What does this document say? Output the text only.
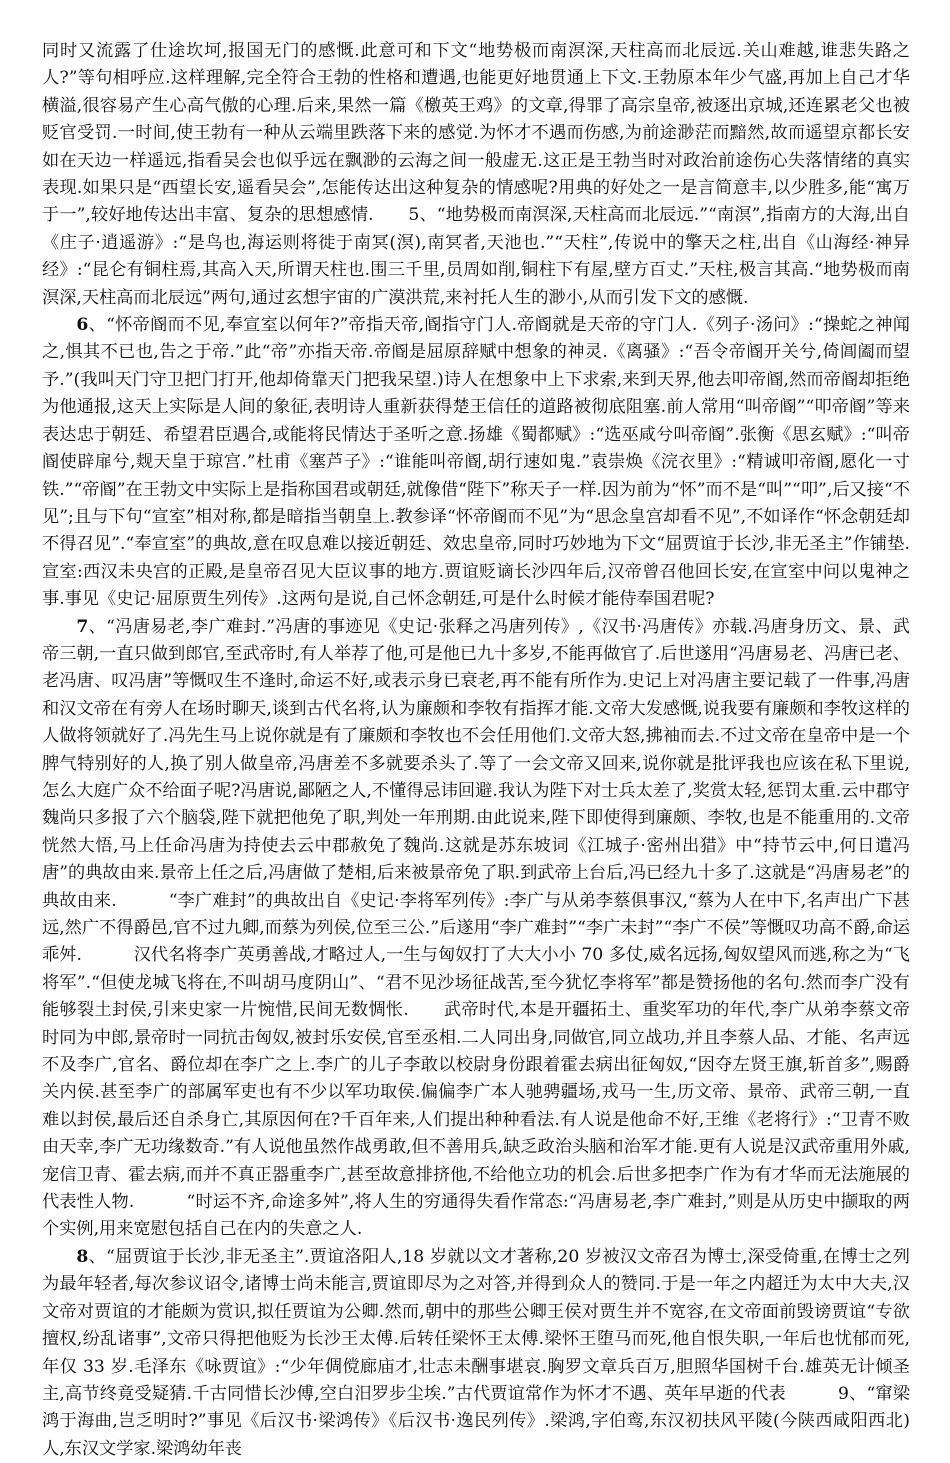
同时又流露了仕途坎坷,报国无门的感慨.此意可和下文“地势极而南溟深,天柱高而北辰远.关山难越,谁悲失路之人?”等句相呼应.这样理解,完全符合王勃的性格和遭遇,也能更好地贯通上下文.王勃原本年少气盛,再加上自己才华横溢,很容易产生心高气傲的心理.后来,果然一篇《檄英王鸡》的文章,得罪了高宗皇帝,被逐出京城,还连累老父也被贬官受罚.一时间,使王勃有一种从云端里跌落下来的感觉.为怀才不遇而伤感,为前途渺茫而黯然,故而遥望京都长安如在天边一样遥远,指看吴会也似乎远在飘渺的云海之间一般虚无.这正是王勃当时对政治前途伤心失落情绪的真实表现.如果只是“西望长安,遥看吴会”,怎能传达出这种复杂的情感呢?用典的好处之一是言简意丰,以少胜多,能“寓万于一”,较好地传达出丰富、复杂的思想感情.　　5、“地势极而南溟深,天柱高而北辰远.”“南溟”,指南方的大海,出自《庄子·逍遥游》:“是鸟也,海运则将徙于南冥(溟),南冥者,天池也.”“天柱”,传说中的擎天之柱,出自《山海经·神异经》:“昆仑有铜柱焉,其高入天,所谓天柱也.围三千里,员周如削,铜柱下有屋,壁方百丈.”天柱,极言其高.“地势极而南溟深,天柱高而北辰远”两句,通过玄想宇宙的广漠洪荒,来衬托人生的渺小,从而引发下文的感慨.

6、“怀帝阍而不见,奉宣室以何年?”帝指天帝,阍指守门人.帝阍就是天帝的守门人.《列子·汤问》:“操蛇之神闻之,惧其不已也,告之于帝.”此“帝”亦指天帝.帝阍是屈原辞赋中想象的神灵.《离骚》:“吾令帝阍开关兮,倚阊阖而望予.”(我叫天门守卫把门打开,他却倚靠天门把我呆望.)诗人在想象中上下求索,来到天界,他去叩帝阍,然而帝阍却拒绝为他通报,这天上实际是人间的象征,表明诗人重新获得楚王信任的道路被彻底阻塞.前人常用“叫帝阍”“叩帝阍”等来表达忠于朝廷、希望君臣遇合,或能将民情达于圣听之意.扬雄《蜀都赋》:“选巫咸兮叫帝阍”.张衡《思玄赋》:“叫帝阍使辟扉兮,觌天皇于琼宫.”杜甫《塞芦子》:“谁能叫帝阍,胡行速如鬼.”袁崇焕《浣衣里》:“精诚叩帝阍,愿化一寸铁.”“帝阍”在王勃文中实际上是指称国君或朝廷,就像借“陛下”称天子一样.因为前为“怀”而不是“叫”“叩”,后又接“不见”;且与下句“宣室”相对称,都是暗指当朝皇上.教参译“怀帝阍而不见”为“思念皇宫却看不见”,不如译作“怀念朝廷却不得召见”.“奉宣室”的典故,意在叹息难以接近朝廷、效忠皇帝,同时巧妙地为下文“屈贾谊于长沙,非无圣主”作铺垫.宣室:西汉未央宫的正殿,是皇帝召见大臣议事的地方.贾谊贬谪长沙四年后,汉帝曾召他回长安,在宣室中问以鬼神之事.事见《史记·屈原贾生列传》.这两句是说,自己怀念朝廷,可是什么时候才能侍奉国君呢?

7、“冯唐易老,李广难封.”冯唐的事迹见《史记·张释之冯唐列传》,《汉书·冯唐传》亦载.冯唐身历文、景、武帝三朝,一直只做到郎官,至武帝时,有人举荐了他,可是他已九十多岁,不能再做官了.后世遂用“冯唐易老、冯唐已老、老冯唐、叹冯唐”等慨叹生不逢时,命运不好,或表示身已衰老,再不能有所作为.史记上对冯唐主要记载了一件事,冯唐和汉文帝在有旁人在场时聊天,谈到古代名将,认为廉颇和李牧有指挥才能.文帝大发感慨,说我要有廉颇和李牧这样的人做将领就好了.冯先生马上说你就是有了廉颇和李牧也不会任用他们.文帝大怒,拂袖而去.不过文帝在皇帝中是一个脾气特别好的人,换了别人做皇帝,冯唐差不多就要杀头了.等了一会文帝又回来,说你就是批评我也应该在私下里说,怎么大庭广众不给面子呢?冯唐说,鄙陋之人,不懂得忌讳回避.我认为陛下对士兵太差了,奖赏太轻,惩罚太重.云中郡守魏尚只多报了六个脑袋,陛下就把他免了职,判处一年刑期.由此说来,陛下即使得到廉颇、李牧,也是不能重用的.文帝恍然大悟,马上任命冯唐为持使去云中郡赦免了魏尚.这就是苏东坡词《江城子·密州出猎》中“持节云中,何日遣冯唐”的典故由来.景帝上任之后,冯唐做了楚相,后来被景帝免了职.到武帝上台后,冯已经九十多了.这就是“冯唐易老”的典故由来.　　　“李广难封”的典故出自《史记·李将军列传》:李广与从弟李蔡俱事汉,“蔡为人在中下,名声出广下甚远,然广不得爵邑,官不过九卿,而蔡为列侯,位至三公.”后遂用“李广难封”“李广未封”“李广不侯”等慨叹功高不爵,命运乖舛.　　　汉代名将李广英勇善战,才略过人,一生与匈奴打了大大小小 70 多仗,威名远扬,匈奴望风而逃,称之为“飞将军”.“但使龙城飞将在,不叫胡马度阴山”、“君不见沙场征战苦,至今犹忆李将军”都是赞扬他的名句.然而李广没有能够裂土封侯,引来史家一片惋惜,民间无数惆怅.　　武帝时代,本是开疆拓土、重奖军功的年代,李广从弟李蔡文帝时同为中郎,景帝时一同抗击匈奴,被封乐安侯,官至丞相.二人同出身,同做官,同立战功,并且李蔡人品、才能、名声远不及李广,官名、爵位却在李广之上.李广的儿子李敢以校尉身份跟着霍去病出征匈奴,“因夺左贤王旗,斩首多”,赐爵关内侯.甚至李广的部属军吏也有不少以军功取侯.偏偏李广本人驰骋疆场,戎马一生,历文帝、景帝、武帝三朝,一直难以封侯,最后还自杀身亡,其原因何在?千百年来,人们提出种种看法.有人说是他命不好,王维《老将行》:“卫青不败由天幸,李广无功缘数奇.”有人说他虽然作战勇敢,但不善用兵,缺乏政治头脑和治军才能.更有人说是汉武帝重用外戚,宠信卫青、霍去病,而并不真正器重李广,甚至故意排挤他,不给他立功的机会.后世多把李广作为有才华而无法施展的代表性人物.　　　“时运不齐,命途多舛”,将人生的穷通得失看作常态:“冯唐易老,李广难封,”则是从历史中撷取的两个实例,用来宽慰包括自己在内的失意之人.

8、“屈贾谊于长沙,非无圣主”.贾谊洛阳人,18 岁就以文才著称,20 岁被汉文帝召为博士,深受倚重,在博士之列为最年轻者,每次参议诏令,诸博士尚未能言,贾谊即尽为之对答,并得到众人的赞同.于是一年之内超迁为太中大夫,汉文帝对贾谊的才能颇为赏识,拟任贾谊为公卿.然而,朝中的那些公卿王侯对贾生并不宽容,在文帝面前毁谤贾谊“专欲擅权,纷乱诸事”,文帝只得把他贬为长沙王太傅.后转任梁怀王太傅.梁怀王堕马而死,他自恨失职,一年后也忧郁而死,年仅 33 岁.毛泽东《咏贾谊》:“少年倜傥廊庙才,壮志未酬事堪哀.胸罗文章兵百万,胆照华国树千台.雄英无计倾圣主,高节终竟受疑猜.千古同惜长沙傅,空白汨罗步尘埃.”古代贾谊常作为怀才不遇、英年早逝的代表　　　9、“窜梁鸿于海曲,岂乏明时?”事见《后汉书·梁鸿传》《后汉书·逸民列传》.梁鸿,字伯鸾,东汉初扶风平陵(今陕西咸阳西北)人,东汉文学家.梁鸿幼年丧
